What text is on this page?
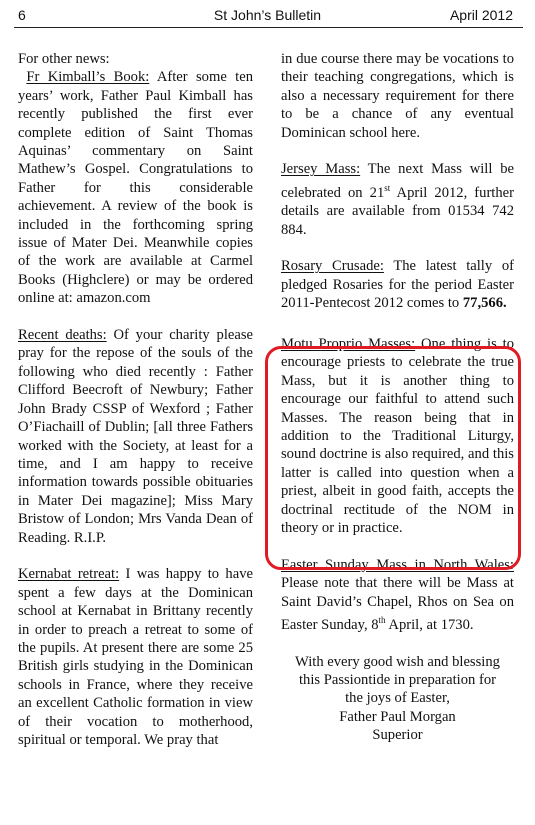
6	St John’s Bulletin	April 2012

For other news:

Fr Kimball’s Book: After some ten years’ work, Father Paul Kimball has recently published the first ever complete edition of Saint Thomas Aquinas’ commentary on Saint Mathew’s Gospel. Congratulations to Father for this considerable achievement. A review of the book is included in the forthcoming spring issue of Mater Dei. Meanwhile copies of the work are available at Carmel Books (Highclere) or may be ordered online at: amazon.com

Recent deaths: Of your charity please pray for the repose of the souls of the following who died recently : Father Clifford Beecroft of Newbury; Father John Brady CSSP of Wexford ; Father O’Fiachaill of Dublin; [all three Fathers worked with the Society, at least for a time, and I am happy to receive information towards possible obituaries in Mater Dei magazine]; Miss Mary Bristow of London; Mrs Vanda Dean of Reading. R.I.P.

Kernabat retreat: I was happy to have spent a few days at the Dominican school at Kernabat in Brittany recently in order to preach a retreat to some of the pupils. At present there are some 25 British girls studying in the Dominican schools in France, where they receive an excellent Catholic formation in view of their vocation to motherhood, spiritual or temporal. We pray that

in due course there may be vocations to their teaching congregations, which is also a necessary requirement for there to be a chance of any eventual Dominican school here.

Jersey Mass: The next Mass will be celebrated on 21st April 2012, further details are available from 01534 742 884.

Rosary Crusade: The latest tally of pledged Rosaries for the period Easter 2011-Pentecost 2012 comes to 77,566.

Motu Proprio Masses: One thing is to encourage priests to celebrate the true Mass, but it is another thing to encourage our faithful to attend such Masses. The reason being that in addition to the Traditional Liturgy, sound doctrine is also required, and this latter is called into question when a priest, albeit in good faith, accepts the doctrinal rectitude of the NOM in theory or in practice.

Easter Sunday Mass in North Wales: Please note that there will be Mass at Saint David’s Chapel, Rhos on Sea on Easter Sunday, 8th April, at 1730.

With every good wish and blessing
this Passiontide in preparation for
the joys of Easter,
Father Paul Morgan
Superior
